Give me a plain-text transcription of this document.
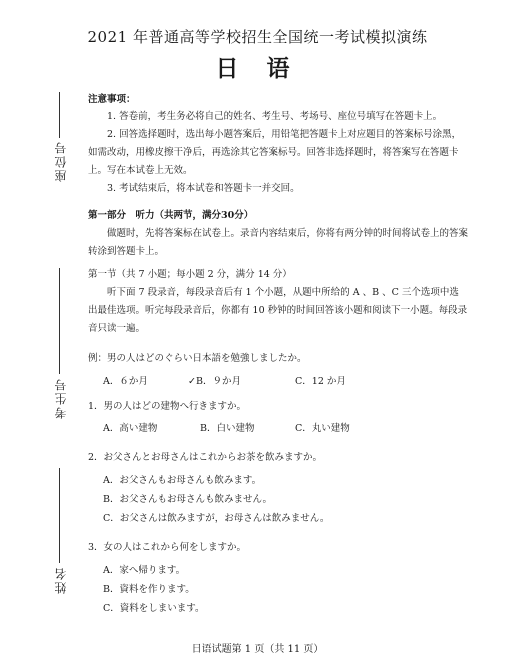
2021 年普通高等学校招生全国统一考试模拟演练
日 语
座位号
考生号
姓名
注意事项：

1. 答卷前，考生务必将自己的姓名、考生号、考场号、座位号填写在答题卡上。

2. 回答选择题时，选出每小题答案后，用铅笔把答题卡上对应题目的答案标号涂黑，如需改动，用橡皮擦干净后，再选涂其它答案标号。回答非选择题时，将答案写在答题卡上。写在本试卷上无效。

3. 考试结束后，将本试卷和答题卡一并交回。

第一部分　听力（共两节，满分30分）

做题时，先将答案标在试卷上。录音内容结束后，你将有两分钟的时间将试卷上的答案转涂到答题卡上。

第一节（共 7 小题；每小题 2 分，满分 14 分）

听下面 7 段录音，每段录音后有 1 个小题，从题中所给的 A 、B 、C 三个选项中选出最佳选项。听完每段录音后，你都有 10 秒钟的时间回答该小题和阅读下一小题。每段录音只读一遍。

例：男の人はどのぐらい日本語を勉強しましたか。
A．６か月	✓B．９か月	C．12 か月
1．男の人はどの建物へ行きますか。
A．高い建物	B．白い建物	C．丸い建物
2．お父さんとお母さんはこれからお茶を飲みますか。
A．お父さんもお母さんも飲みます。
B．お父さんもお母さんも飲みません。
C．お父さんは飲みますが，お母さんは飲みません。
3．女の人はこれから何をしますか。
A．家へ帰ります。
B．資料を作ります。
C．資料をしまいます。
日语试题第 1 页（共 11 页）
